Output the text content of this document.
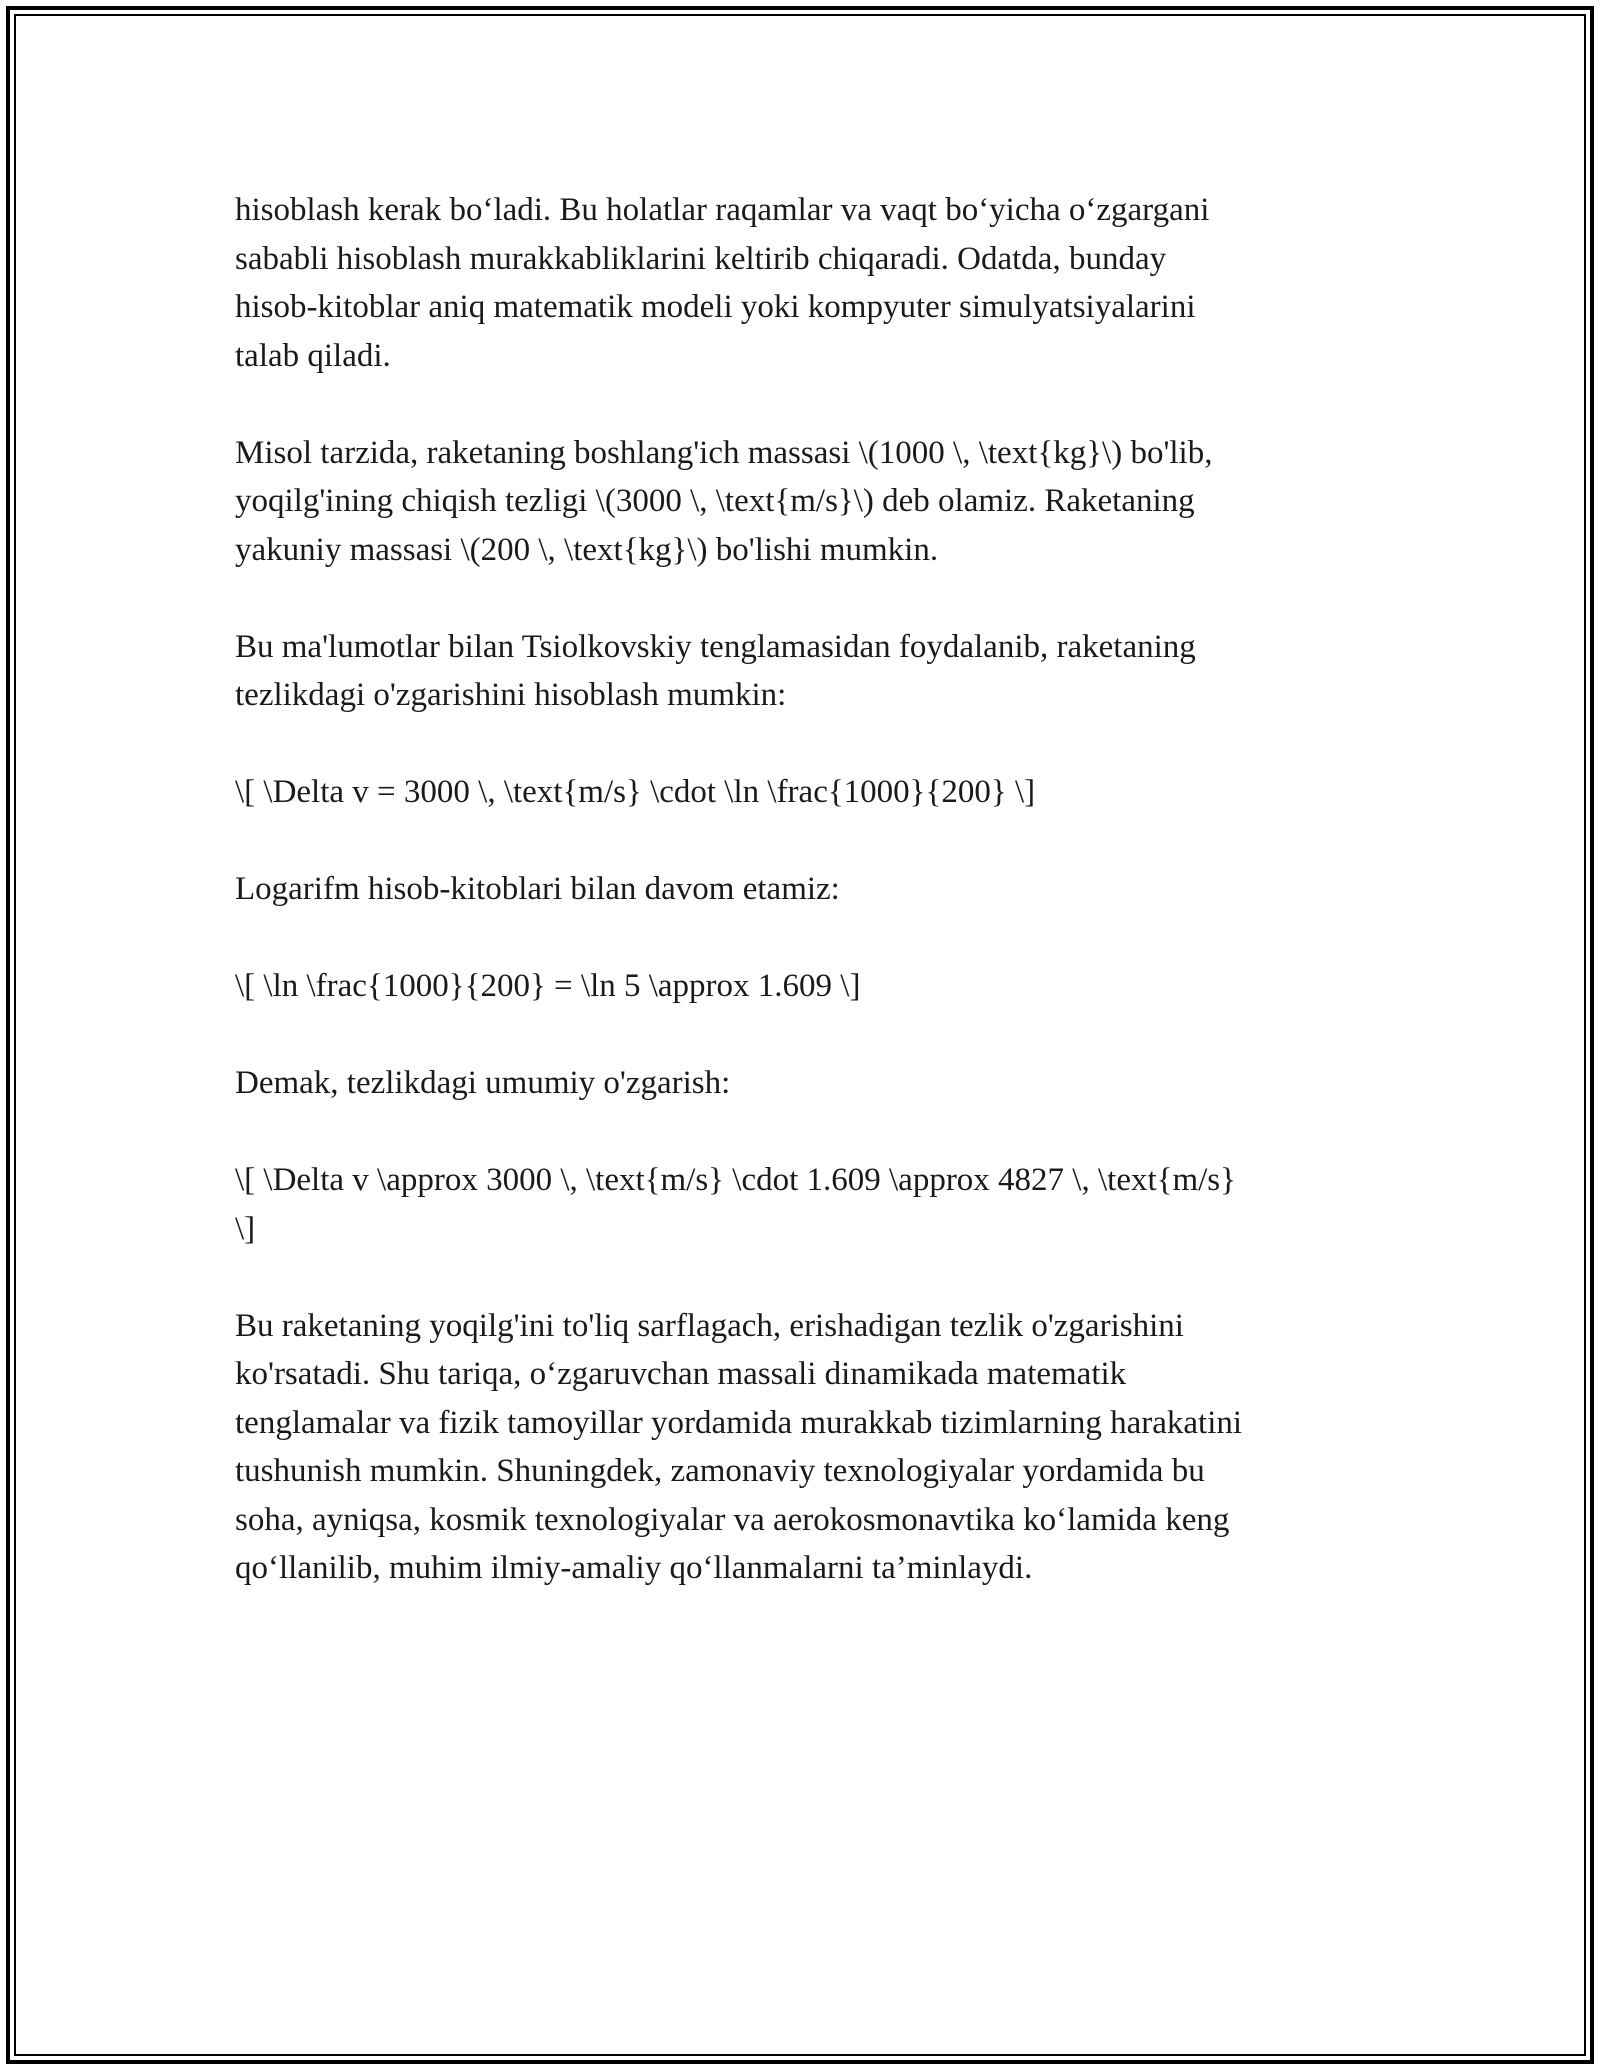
hisoblash kerak bo‘ladi. Bu holatlar raqamlar va vaqt bo‘yicha o‘zgargani
sababli hisoblash murakkabliklarini keltirib chiqaradi. Odatda, bunday
hisob-kitoblar aniq matematik modeli yoki kompyuter simulyatsiyalarini
talab qiladi.

Misol tarzida, raketaning boshlang'ich massasi \(1000 \, \text{kg}\) bo'lib,
yoqilg'ining chiqish tezligi \(3000 \, \text{m/s}\) deb olamiz. Raketaning
yakuniy massasi \(200 \, \text{kg}\) bo'lishi mumkin.

Bu ma'lumotlar bilan Tsiolkovskiy tenglamasidan foydalanib, raketaning
tezlikdagi o'zgarishini hisoblash mumkin:

\[ \Delta v = 3000 \, \text{m/s} \cdot \ln \frac{1000}{200} \]

Logarifm hisob-kitoblari bilan davom etamiz:

\[ \ln \frac{1000}{200} = \ln 5 \approx 1.609 \]

Demak, tezlikdagi umumiy o'zgarish:

\[ \Delta v \approx 3000 \, \text{m/s} \cdot 1.609 \approx 4827 \, \text{m/s}
\]

Bu raketaning yoqilg'ini to'liq sarflagach, erishadigan tezlik o'zgarishini
ko'rsatadi. Shu tariqa, o‘zgaruvchan massali dinamikada matematik
tenglamalar va fizik tamoyillar yordamida murakkab tizimlarning harakatini
tushunish mumkin. Shuningdek, zamonaviy texnologiyalar yordamida bu
soha, ayniqsa, kosmik texnologiyalar va aerokosmonavtika ko‘lamida keng
qo‘llanilib, muhim ilmiy-amaliy qo‘llanmalarni ta’minlaydi.
